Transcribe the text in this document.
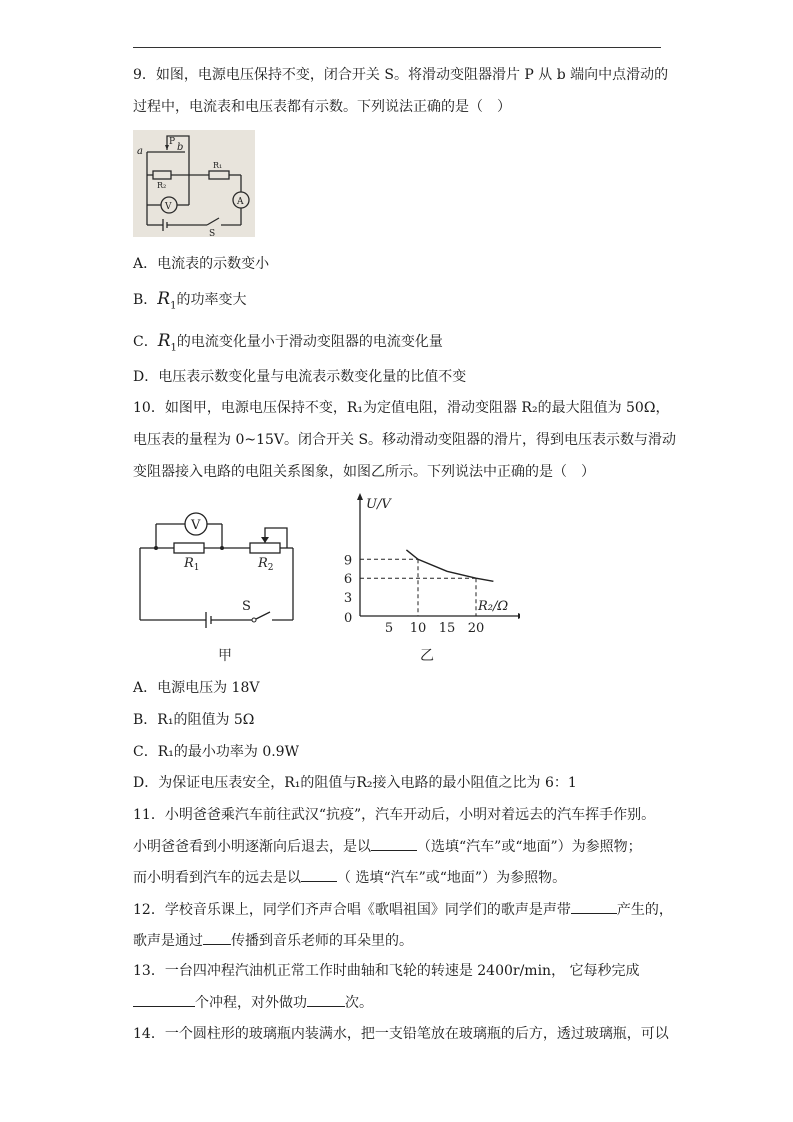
9．如图，电源电压保持不变，闭合开关 S。将滑动变阻器滑片 P 从 b 端向中点滑动的
过程中，电流表和电压表都有示数。下列说法正确的是（　）
a
P b
R₁
R₂
V	A
S
A．电流表的示数变小
B．$R_1$的功率变大
C．$R_1$的电流变化量小于滑动变阻器的电流变化量
D．电压表示数变化量与电流表示数变化量的比值不变
10．如图甲，电源电压保持不变，R₁为定值电阻，滑动变阻器 R₂的最大阻值为 50Ω，
电压表的量程为 0~15V。闭合开关 S。移动滑动变阻器的滑片，得到电压表示数与滑动
变阻器接入电路的电阻关系图象，如图乙所示。下列说法中正确的是（　）
V
$R_1$	$R_2$
S
甲
U/V
R₂/Ω
0
5 10 15 20
3
6
9
乙
A．电源电压为 18V
B．R₁的阻值为 5Ω
C．R₁的最小功率为 0.9W
D．为保证电压表安全，R₁的阻值与R₂接入电路的最小阻值之比为 6：1
11．小明爸爸乘汽车前往武汉“抗疫”，汽车开动后，小明对着远去的汽车挥手作别。
小明爸爸看到小明逐渐向后退去，是以	（选填“汽车”或“地面”）为参照物；
而小明看到汽车的远去是以	（ 选填“汽车”或“地面”）为参照物。
12．学校音乐课上，同学们齐声合唱《歌唱祖国》同学们的歌声是声带	产生的，
歌声是通过 传播到音乐老师的耳朵里的。
13．一台四冲程汽油机正常工作时曲轴和飞轮的转速是 2400r/min， 它每秒完成
个冲程，对外做功	次。
14．一个圆柱形的玻璃瓶内装满水，把一支铅笔放在玻璃瓶的后方，透过玻璃瓶，可以
